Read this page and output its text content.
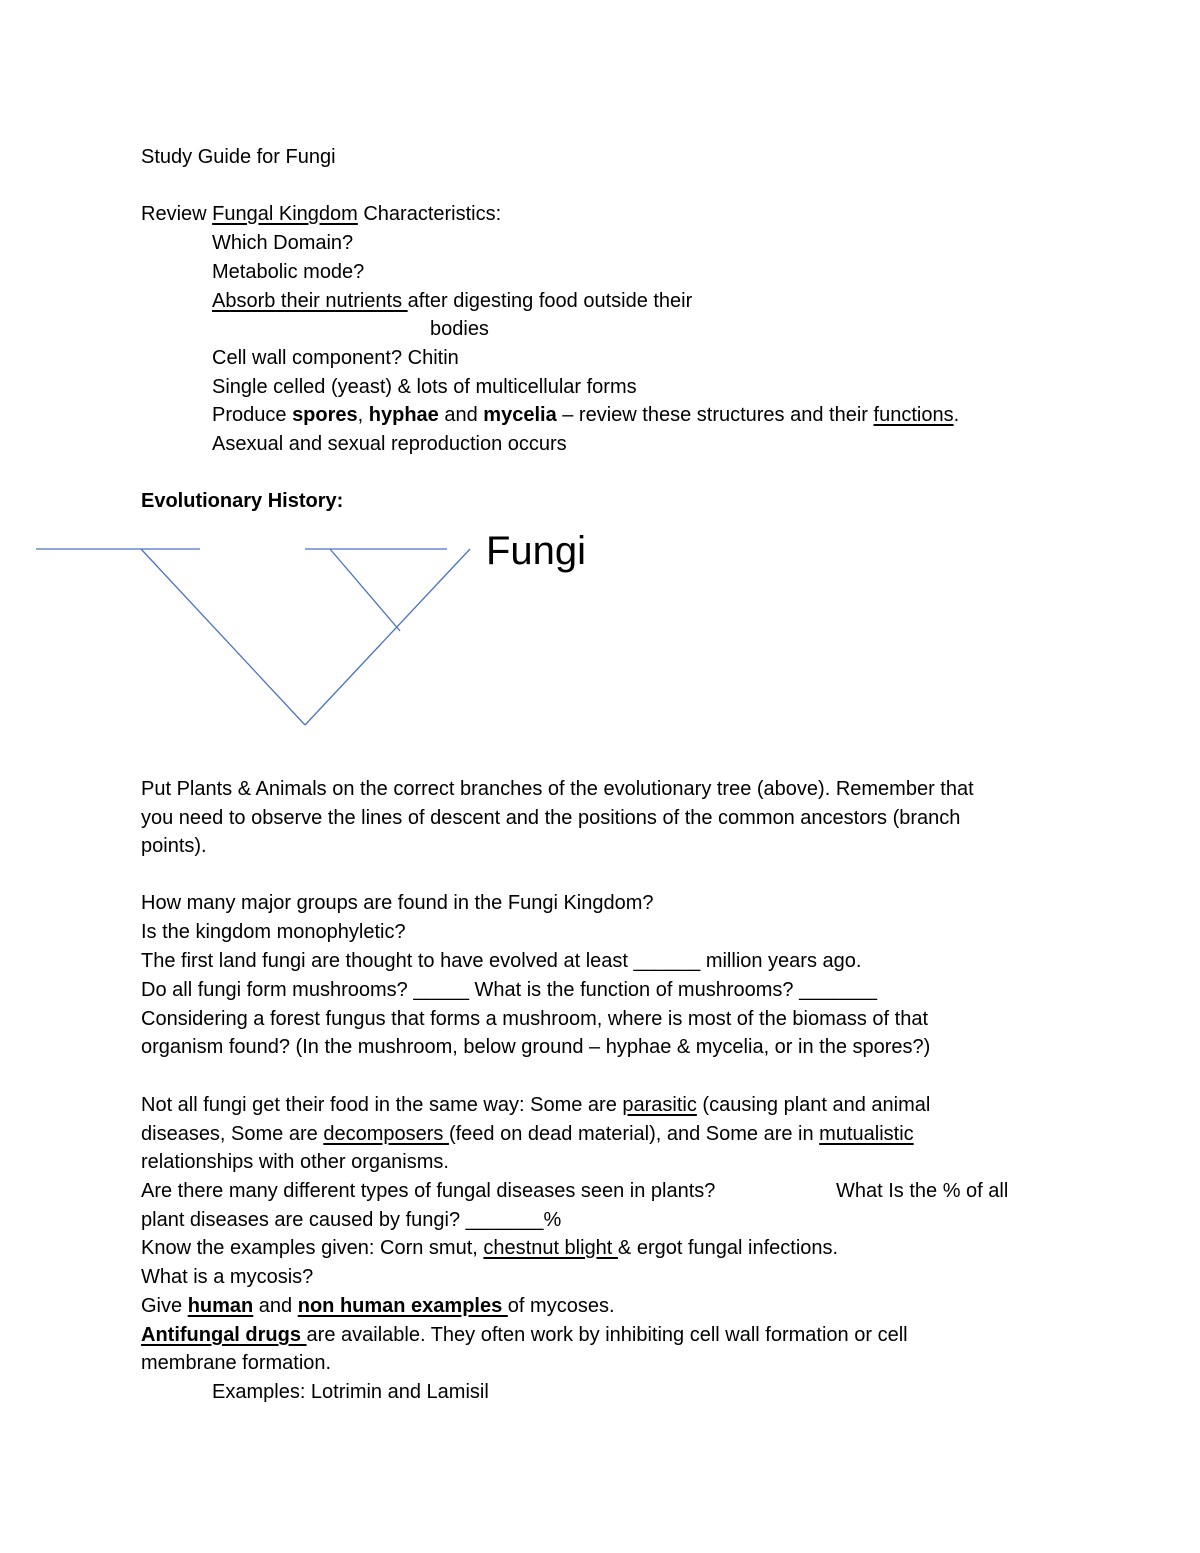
Study Guide for Fungi
Review Fungal Kingdom Characteristics:
Which Domain?
Metabolic mode?
Absorb their nutrients after digesting food outside their
bodies
Cell wall component? Chitin
Single celled (yeast) & lots of multicellular forms
Produce spores, hyphae and mycelia – review these structures and their functions.
Asexual and sexual reproduction occurs
Evolutionary History:
Fungi
Put Plants & Animals on the correct branches of the evolutionary tree (above). Remember that
you need to observe the lines of descent and the positions of the common ancestors (branch
points).
How many major groups are found in the Fungi Kingdom?
Is the kingdom monophyletic?
The first land fungi are thought to have evolved at least ______ million years ago.
Do all fungi form mushrooms? _____ What is the function of mushrooms? _______
Considering a forest fungus that forms a mushroom, where is most of the biomass of that
organism found? (In the mushroom, below ground – hyphae & mycelia, or in the spores?)
Not all fungi get their food in the same way: Some are parasitic (causing plant and animal
diseases, Some are decomposers (feed on dead material), and Some are in mutualistic
relationships with other organisms.
Are there many different types of fungal diseases seen in plants?	What Is the % of all
plant diseases are caused by fungi? _______%
Know the examples given: Corn smut, chestnut blight & ergot fungal infections.
What is a mycosis?
Give human and non human examples of mycoses.
Antifungal drugs are available. They often work by inhibiting cell wall formation or cell
membrane formation.
Examples: Lotrimin and Lamisil
